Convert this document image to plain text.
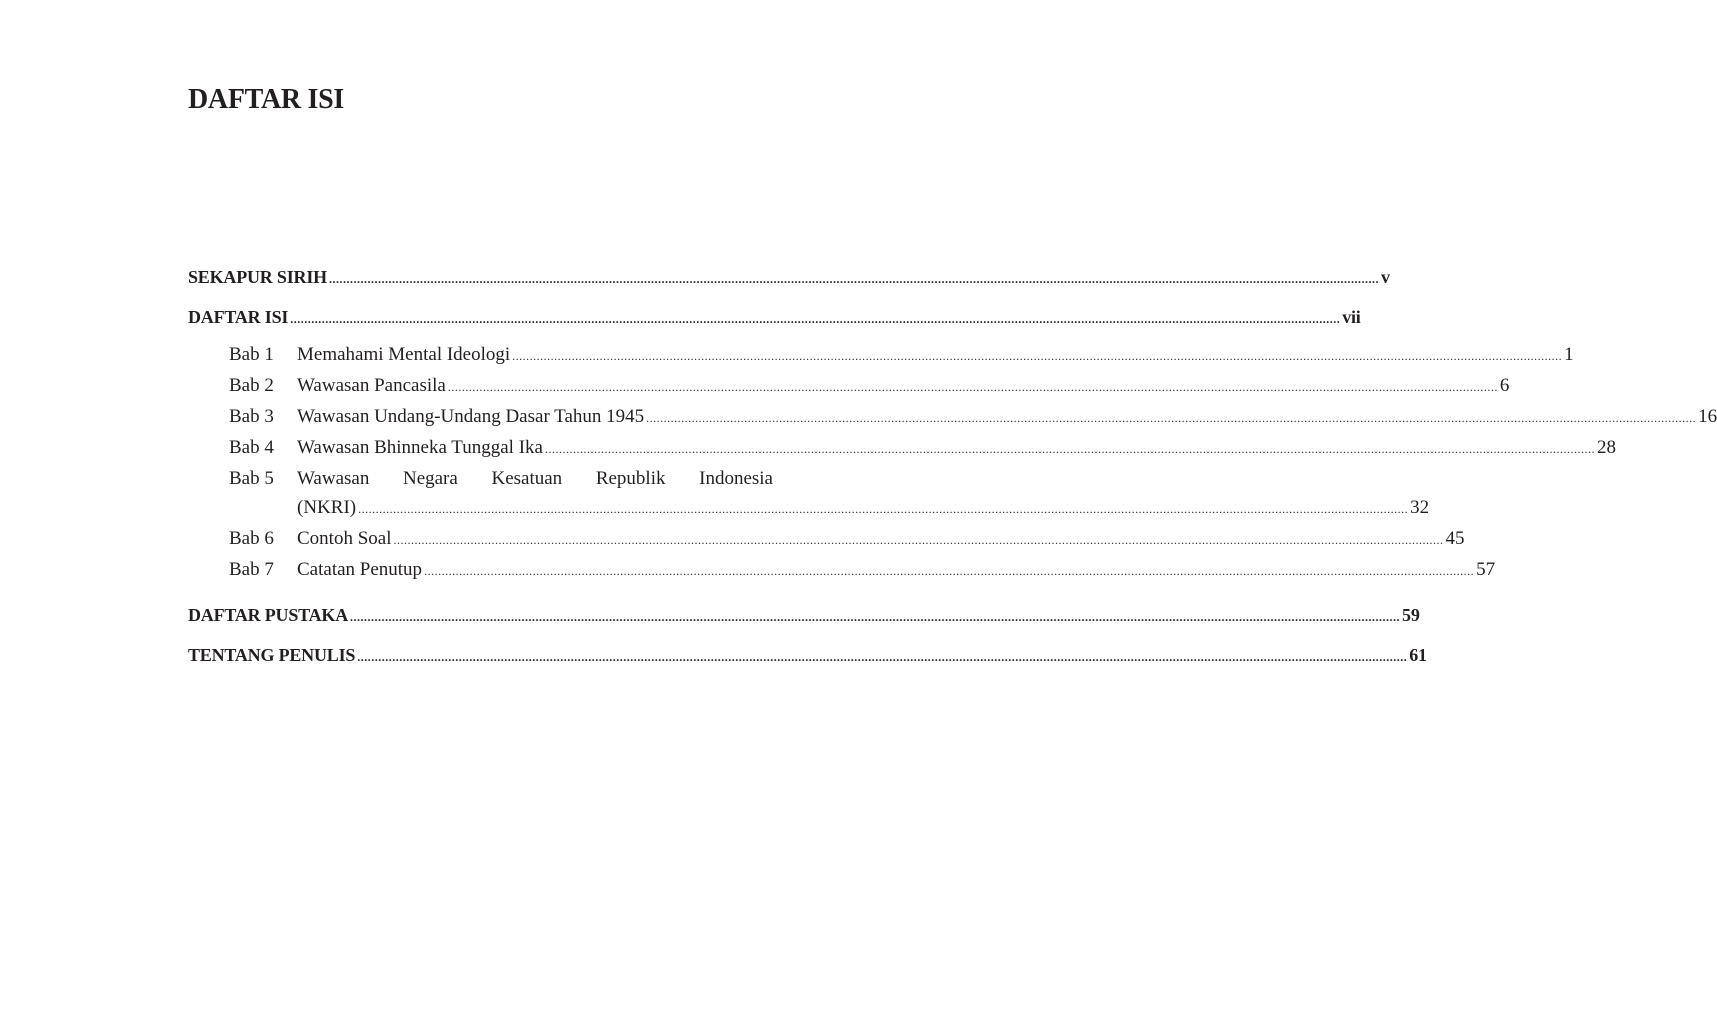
DAFTAR ISI
SEKAPUR SIRIH ............................................................................................................................................................................................................................................................................................................ v
DAFTAR ISI ............................................................................................................................................................................................................................................................................................................ vii
Bab 1	Memahami Mental Ideologi ............................................................................................................................................................................................................................................................................................................ 1
Bab 2	Wawasan Pancasila ............................................................................................................................................................................................................................................................................................................ 6
Bab 3	Wawasan Undang-Undang Dasar Tahun 1945 ............................................................................................................................................................................................................................................................................................................ 16
Bab 4	Wawasan Bhinneka Tunggal Ika ............................................................................................................................................................................................................................................................................................................ 28
Bab 5	Wawasan Negara Kesatuan Republik Indonesia
(NKRI) ............................................................................................................................................................................................................................................................................................................ 32
Bab 6	Contoh Soal ............................................................................................................................................................................................................................................................................................................ 45
Bab 7	Catatan Penutup ............................................................................................................................................................................................................................................................................................................ 57
DAFTAR PUSTAKA ............................................................................................................................................................................................................................................................................................................ 59
TENTANG PENULIS ............................................................................................................................................................................................................................................................................................................ 61
